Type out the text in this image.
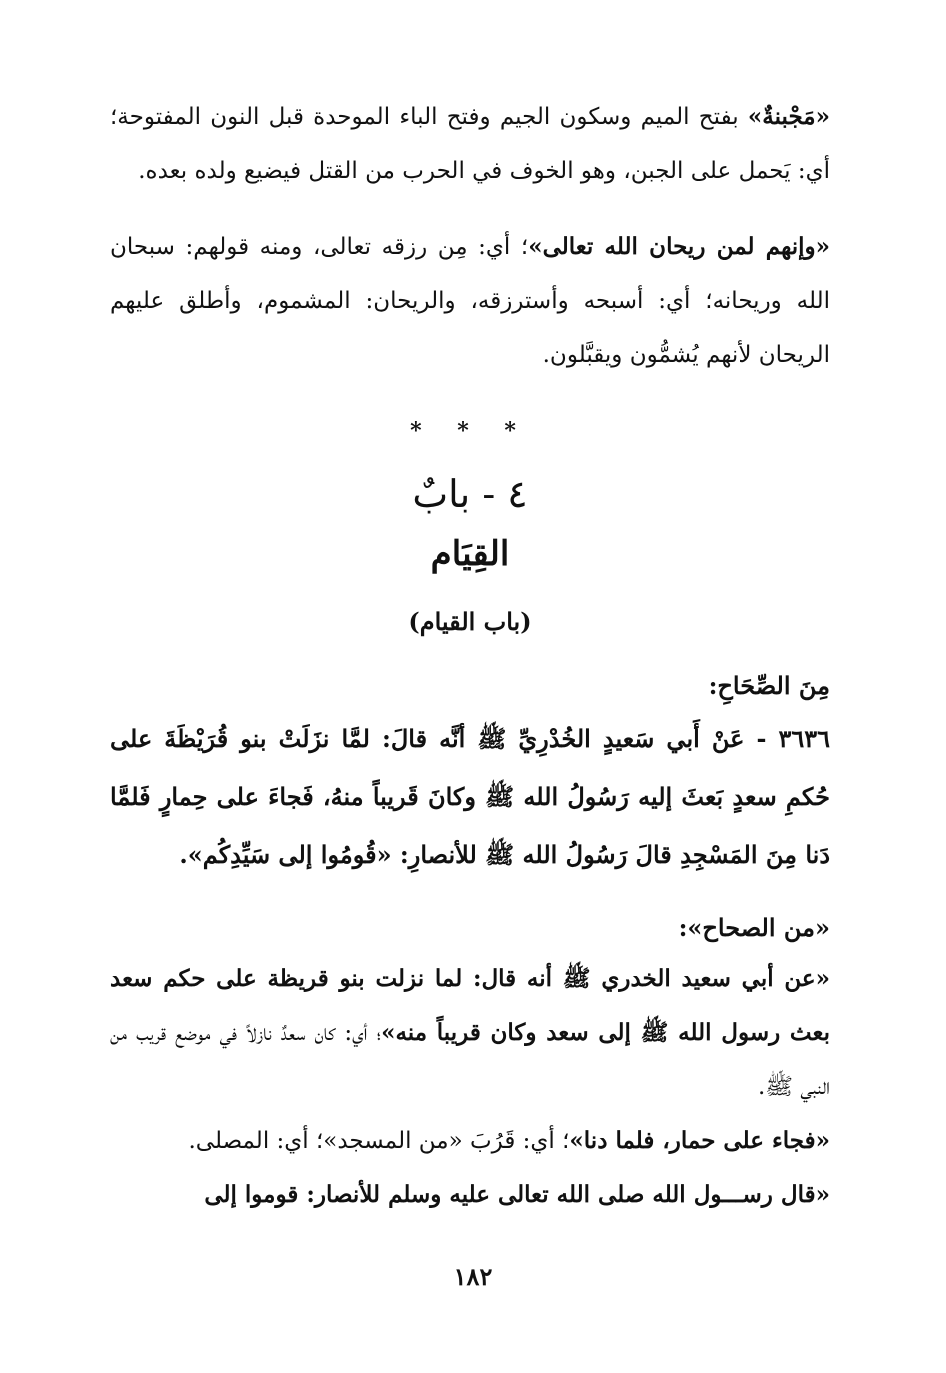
«مَجْبنةٌ» بفتح الميم وسكون الجيم وفتح الباء الموحدة قبل النون المفتوحة؛ أي: يَحمل على الجبن، وهو الخوف في الحرب من القتل فيضيع ولده بعده.

«وإنهم لمن ريحان الله تعالى»؛ أي: مِن رزقه تعالى، ومنه قولهم: سبحان الله وريحانه؛ أي: أسبحه وأسترزقه، والريحان: المشموم، وأطلق عليهم الريحان لأنهم يُشمُّون ويقبَّلون.

* * *
٤ - بابٌ
القِيَام
(باب القيام)
مِنَ الصِّحَاحِ:

٣٦٣٦ - عَنْ أَبي سَعيدٍ الخُدْرِيِّ ﷺ أنَّه قالَ: لمَّا نزَلَتْ بنو قُرَيْظَةَ على حُكمِ سعدٍ بَعثَ إليه رَسُولُ الله ﷺ وكانَ قَريباً منهُ، فَجاءَ على حِمارٍ فَلمَّا دَنا مِنَ المَسْجِدِ قالَ رَسُولُ الله ﷺ للأنصارِ: «قُومُوا إلى سَيِّدِكُم».

«من الصحاح»:

«عن أبي سعيد الخدري ﷺ أنه قال: لما نزلت بنو قريظة على حكم سعد بعث رسول الله ﷺ إلى سعد وكان قريباً منه»؛ أي: كان سعدٌ نازلاً في موضع قريب من النبي ﷺ.

«فجاء على حمار، فلما دنا»؛ أي: قَرُبَ «من المسجد»؛ أي: المصلى.

«قال رســـول الله صلى الله تعالى عليه وسلم للأنصار: قوموا إلى

١٨٢
